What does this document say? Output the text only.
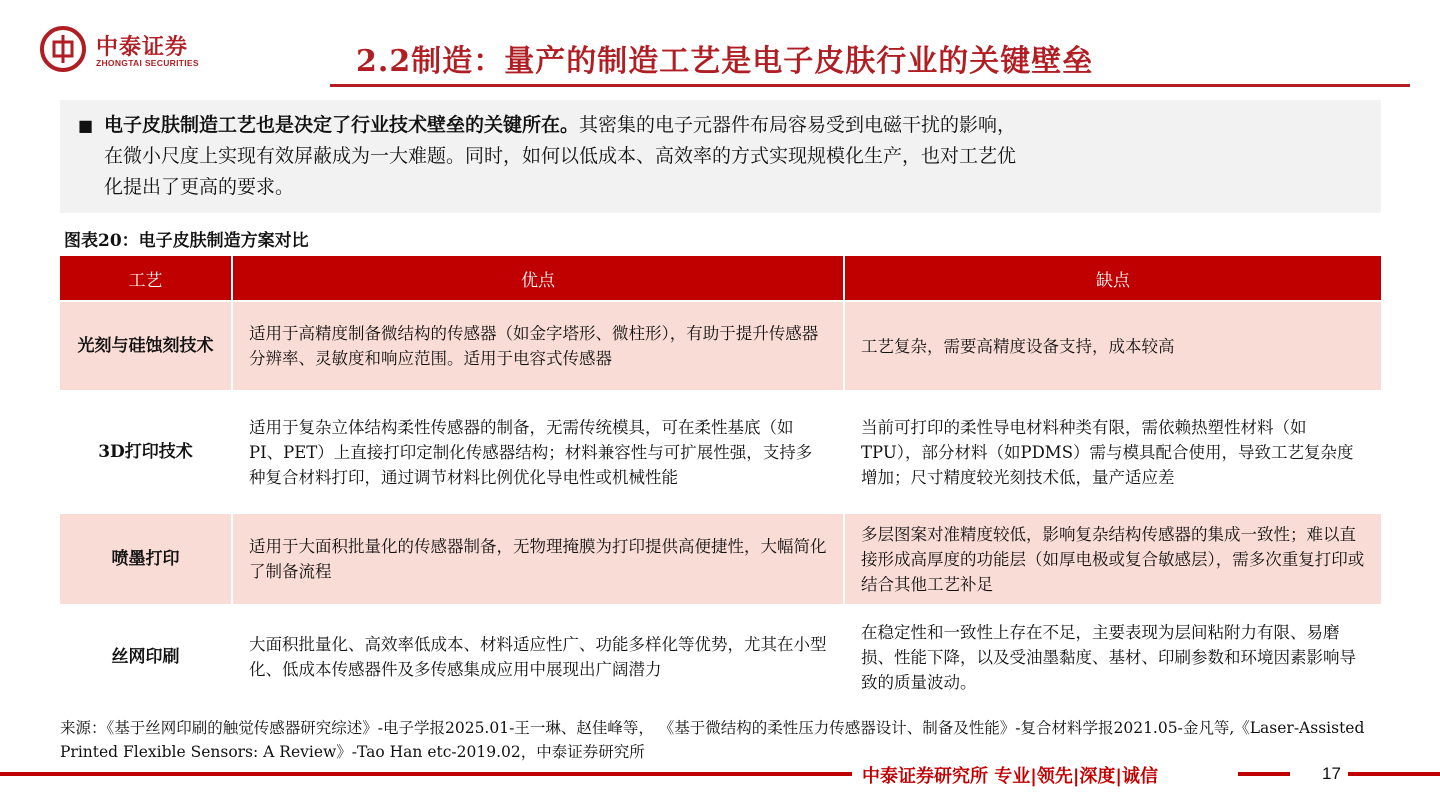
中泰证券
ZHONGTAI SECURITIES	2.2制造：量产的制造工艺是电子皮肤行业的关键壁垒
■ 电子皮肤制造工艺也是决定了行业技术壁垒的关键所在。其密集的电子元器件布局容易受到电磁干扰的影响，
在微小尺度上实现有效屏蔽成为一大难题。同时，如何以低成本、高效率的方式实现规模化生产，也对工艺优
化提出了更高的要求。
图表20：电子皮肤制造方案对比
工艺	优点	缺点
光刻与硅蚀刻技术	适用于高精度制备微结构的传感器（如金字塔形、微柱形），有助于提升传感器分辨率、灵敏度和响应范围。适用于电容式传感器	工艺复杂，需要高精度设备支持，成本较高
3D打印技术	适用于复杂立体结构柔性传感器的制备，无需传统模具，可在柔性基底（如PI、PET）上直接打印定制化传感器结构；材料兼容性与可扩展性强，支持多种复合材料打印，通过调节材料比例优化导电性或机械性能	当前可打印的柔性导电材料种类有限，需依赖热塑性材料（如TPU），部分材料（如PDMS）需与模具配合使用，导致工艺复杂度增加；尺寸精度较光刻技术低，量产适应差
喷墨打印	适用于大面积批量化的传感器制备，无物理掩膜为打印提供高便捷性，大幅简化了制备流程	多层图案对准精度较低，影响复杂结构传感器的集成一致性；难以直接形成高厚度的功能层（如厚电极或复合敏感层），需多次重复打印或结合其他工艺补足
丝网印刷	大面积批量化、高效率低成本、材料适应性广、功能多样化等优势，尤其在小型化、低成本传感器件及多传感集成应用中展现出广阔潜力	在稳定性和一致性上存在不足，主要表现为层间粘附力有限、易磨损、性能下降，以及受油墨黏度、基材、印刷参数和环境因素影响导致的质量波动。
来源：《基于丝网印刷的触觉传感器研究综述》-电子学报2025.01-王一琳、赵佳峰等， 《基于微结构的柔性压力传感器设计、制备及性能》-复合材料学报2021.05-金凡等,《Laser-Assisted Printed Flexible Sensors: A Review》-Tao Han etc-2019.02，中泰证券研究所
中泰证券研究所 专业|领先|深度|诚信	17
